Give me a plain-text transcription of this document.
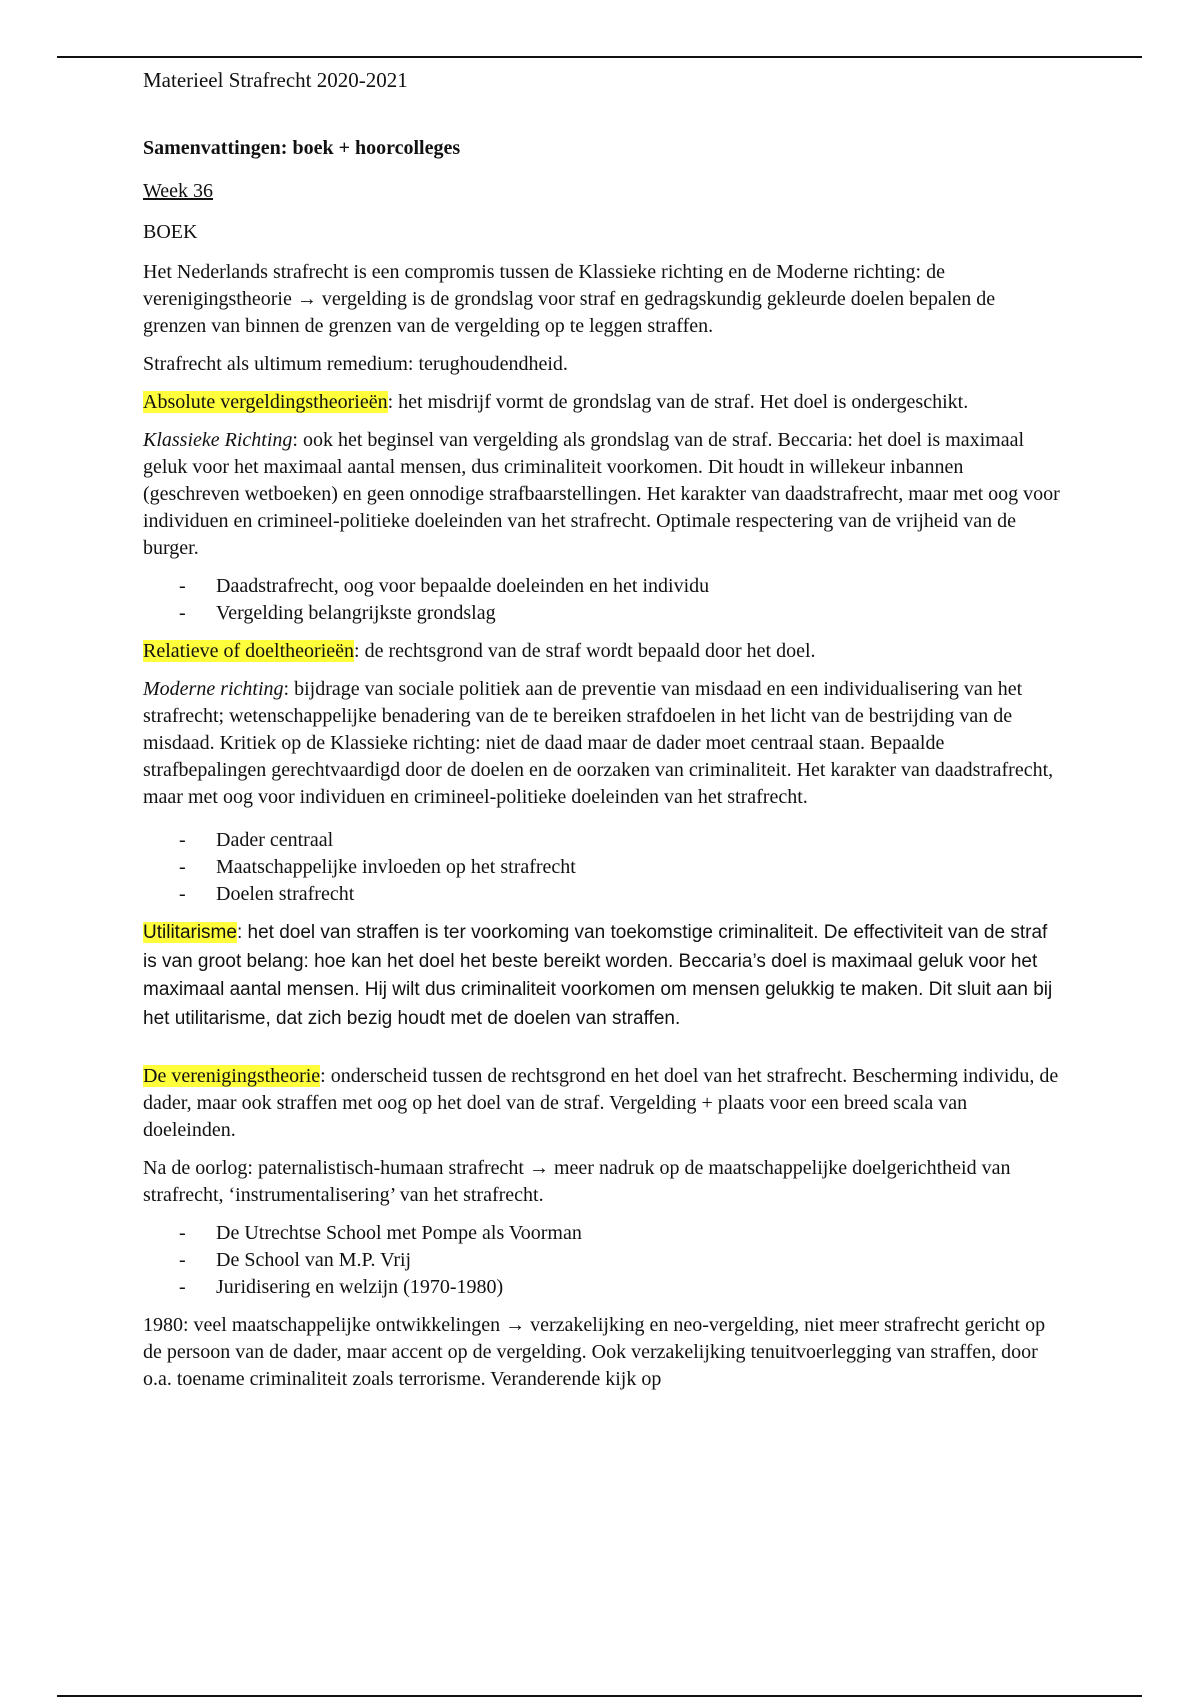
Materieel Strafrecht 2020-2021

Samenvattingen: boek + hoorcolleges

Week 36

BOEK

Het Nederlands strafrecht is een compromis tussen de Klassieke richting en de Moderne richting: de verenigingstheorie → vergelding is de grondslag voor straf en gedragskundig gekleurde doelen bepalen de grenzen van binnen de grenzen van de vergelding op te leggen straffen.

Strafrecht als ultimum remedium: terughoudendheid.

Absolute vergeldingstheorieën: het misdrijf vormt de grondslag van de straf. Het doel is ondergeschikt.

Klassieke Richting: ook het beginsel van vergelding als grondslag van de straf. Beccaria: het doel is maximaal geluk voor het maximaal aantal mensen, dus criminaliteit voorkomen. Dit houdt in willekeur inbannen (geschreven wetboeken) en geen onnodige strafbaarstellingen. Het karakter van daadstrafrecht, maar met oog voor individuen en crimineel-politieke doeleinden van het strafrecht. Optimale respectering van de vrijheid van de burger.

- Daadstrafrecht, oog voor bepaalde doeleinden en het individu
- Vergelding belangrijkste grondslag

Relatieve of doeltheorieën: de rechtsgrond van de straf wordt bepaald door het doel.

Moderne richting: bijdrage van sociale politiek aan de preventie van misdaad en een individualisering van het strafrecht; wetenschappelijke benadering van de te bereiken strafdoelen in het licht van de bestrijding van de misdaad. Kritiek op de Klassieke richting: niet de daad maar de dader moet centraal staan. Bepaalde strafbepalingen gerechtvaardigd door de doelen en de oorzaken van criminaliteit. Het karakter van daadstrafrecht, maar met oog voor individuen en crimineel-politieke doeleinden van het strafrecht.

- Dader centraal
- Maatschappelijke invloeden op het strafrecht
- Doelen strafrecht

Utilitarisme: het doel van straffen is ter voorkoming van toekomstige criminaliteit. De effectiviteit van de straf is van groot belang: hoe kan het doel het beste bereikt worden. Beccaria’s doel is maximaal geluk voor het maximaal aantal mensen. Hij wilt dus criminaliteit voorkomen om mensen gelukkig te maken. Dit sluit aan bij het utilitarisme, dat zich bezig houdt met de doelen van straffen.

De verenigingstheorie: onderscheid tussen de rechtsgrond en het doel van het strafrecht. Bescherming individu, de dader, maar ook straffen met oog op het doel van de straf. Vergelding + plaats voor een breed scala van doeleinden.

Na de oorlog: paternalistisch-humaan strafrecht → meer nadruk op de maatschappelijke doelgerichtheid van strafrecht, ‘instrumentalisering’ van het strafrecht.

- De Utrechtse School met Pompe als Voorman
- De School van M.P. Vrij
- Juridisering en welzijn (1970-1980)

1980: veel maatschappelijke ontwikkelingen → verzakelijking en neo-vergelding, niet meer strafrecht gericht op de persoon van de dader, maar accent op de vergelding. Ook verzakelijking tenuitvoerlegging van straffen, door o.a. toename criminaliteit zoals terrorisme. Veranderende kijk op
